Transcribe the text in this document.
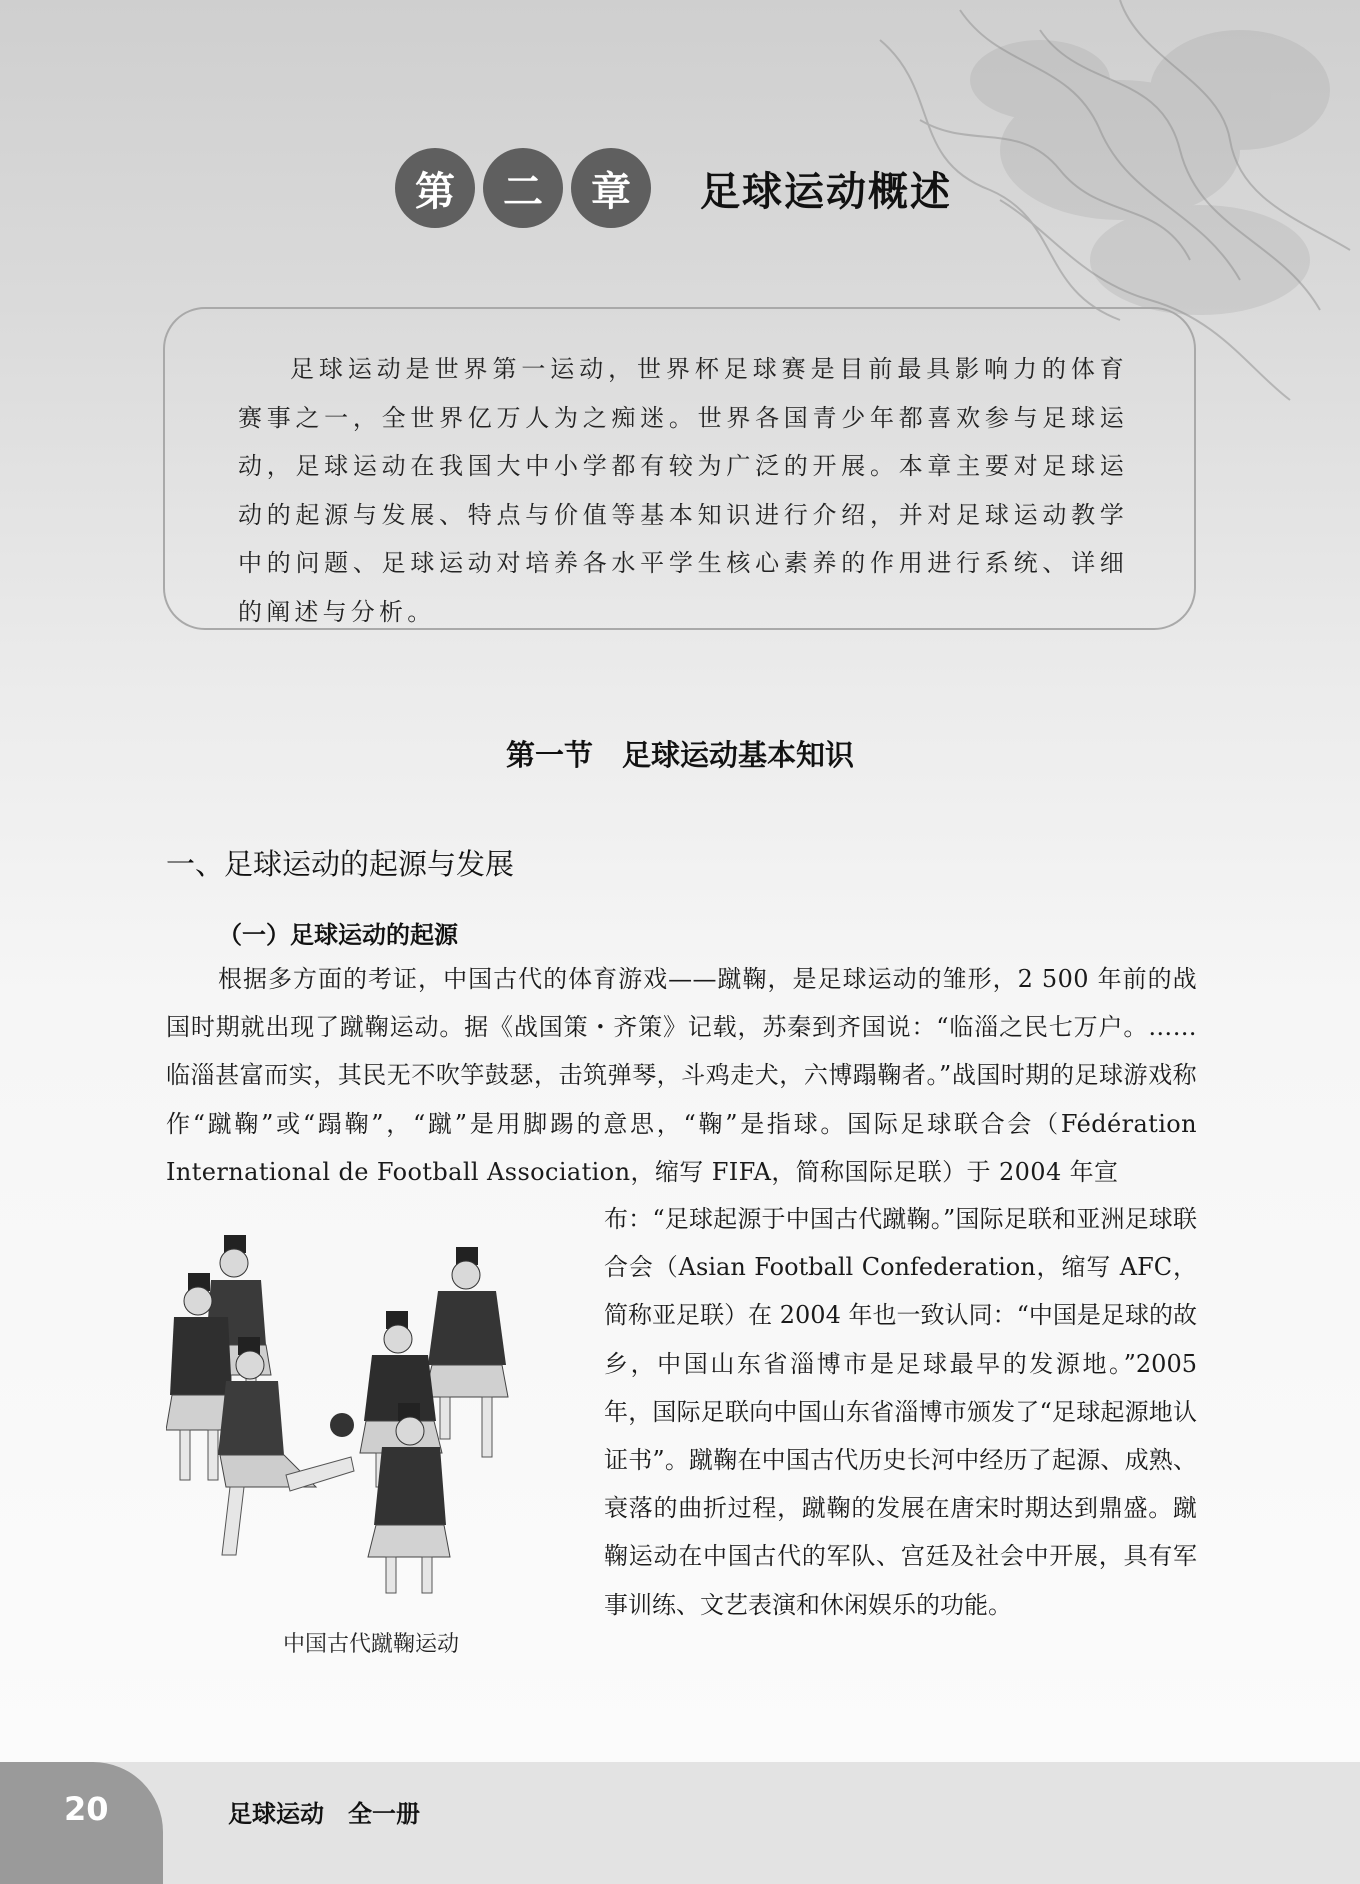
第	二	章	足球运动概述

足球运动是世界第一运动，世界杯足球赛是目前最具影响力的体育赛事之一，全世界亿万人为之痴迷。世界各国青少年都喜欢参与足球运动，足球运动在我国大中小学都有较为广泛的开展。本章主要对足球运动的起源与发展、特点与价值等基本知识进行介绍，并对足球运动教学中的问题、足球运动对培养各水平学生核心素养的作用进行系统、详细的阐述与分析。

第一节　足球运动基本知识
一、足球运动的起源与发展
（一）足球运动的起源

根据多方面的考证，中国古代的体育游戏——蹴鞠，是足球运动的雏形，2 500 年前的战国时期就出现了蹴鞠运动。据《战国策・齐策》记载，苏秦到齐国说：“临淄之民七万户。……临淄甚富而实，其民无不吹竽鼓瑟，击筑弹琴，斗鸡走犬，六博蹋鞠者。”战国时期的足球游戏称作“蹴鞠”或“蹋鞠”，“蹴”是用脚踢的意思，“鞠”是指球。国际足球联合会（Fédération International de Football Association，缩写 FIFA，简称国际足联）于 2004 年宣

布：“足球起源于中国古代蹴鞠。”国际足联和亚洲足球联合会（Asian Football Confederation，缩写 AFC，简称亚足联）在 2004 年也一致认同：“中国是足球的故乡，中国山东省淄博市是足球最早的发源地。”2005 年，国际足联向中国山东省淄博市颁发了“足球起源地认证书”。蹴鞠在中国古代历史长河中经历了起源、成熟、衰落的曲折过程，蹴鞠的发展在唐宋时期达到鼎盛。蹴鞠运动在中国古代的军队、宫廷及社会中开展，具有军事训练、文艺表演和休闲娱乐的功能。

中国古代蹴鞠运动
20	足球运动　全一册
